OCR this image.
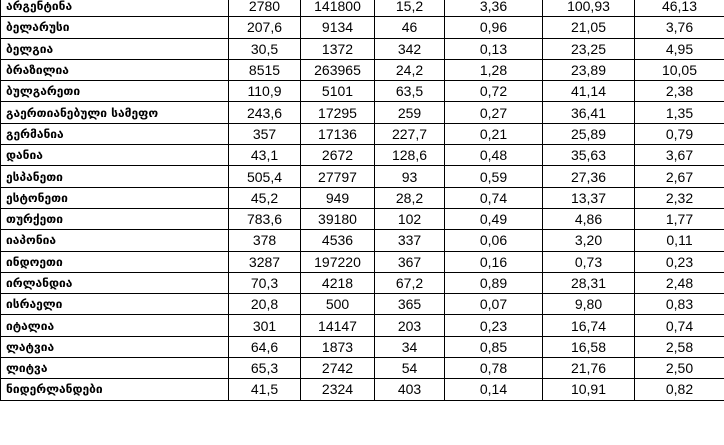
არგენტინა	2780	141800	15,2	3,36	100,93	46,13
ბელარუსი	207,6	9134	46	0,96	21,05	3,76
ბელგია	30,5	1372	342	0,13	23,25	4,95
ბრაზილია	8515	263965	24,2	1,28	23,89	10,05
ბულგარეთი	110,9	5101	63,5	0,72	41,14	2,38
გაერთიანებული სამეფო	243,6	17295	259	0,27	36,41	1,35
გერმანია	357	17136	227,7	0,21	25,89	0,79
დანია	43,1	2672	128,6	0,48	35,63	3,67
ესპანეთი	505,4	27797	93	0,59	27,36	2,67
ესტონეთი	45,2	949	28,2	0,74	13,37	2,32
თურქეთი	783,6	39180	102	0,49	4,86	1,77
იაპონია	378	4536	337	0,06	3,20	0,11
ინდოეთი	3287	197220	367	0,16	0,73	0,23
ირლანდია	70,3	4218	67,2	0,89	28,31	2,48
ისრაელი	20,8	500	365	0,07	9,80	0,83
იტალია	301	14147	203	0,23	16,74	0,74
ლატვია	64,6	1873	34	0,85	16,58	2,58
ლიტვა	65,3	2742	54	0,78	21,76	2,50
ნიდერლანდები	41,5	2324	403	0,14	10,91	0,82
